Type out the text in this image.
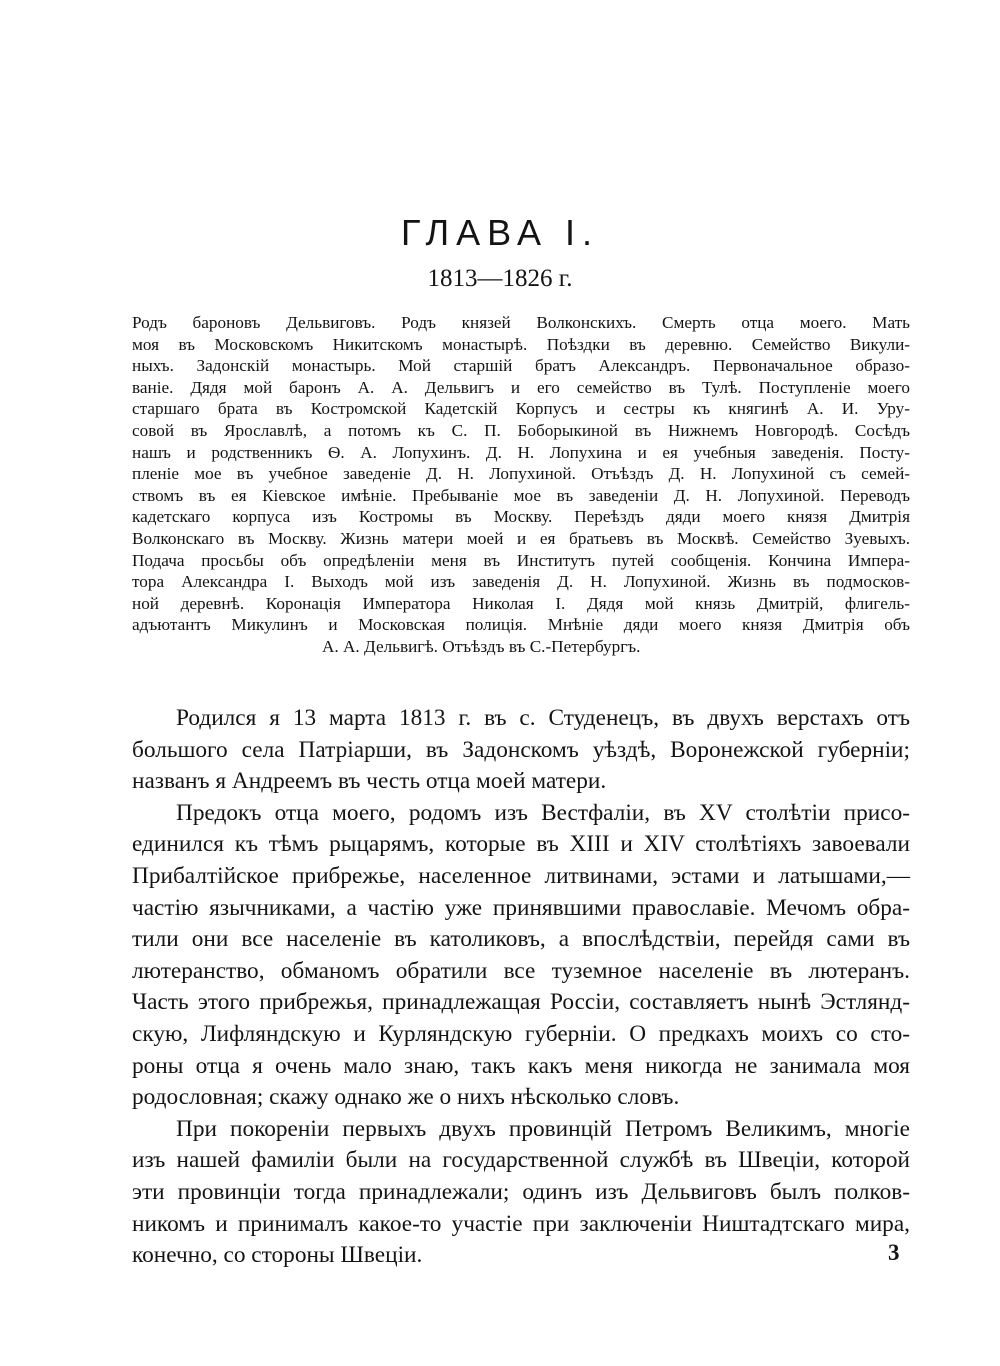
ГЛАВА I.
1813—1826 г.
Родъ бароновъ Дельвиговъ. Родъ князей Волконскихъ. Смерть отца моего. Мать
моя въ Московскомъ Никитскомъ монастырѣ. Поѣздки въ деревню. Семейство Викули-
ныхъ. Задонскій монастырь. Мой старшій братъ Александръ. Первоначальное образо-
ваніе. Дядя мой баронъ А. А. Дельвигъ и его семейство въ Тулѣ. Поступленіе моего
старшаго брата въ Костромской Кадетскій Корпусъ и сестры къ княгинѣ А. И. Уру-
совой въ Ярославлѣ, а потомъ къ С. П. Боборыкиной въ Нижнемъ Новгородѣ. Сосѣдъ
нашъ и родственникъ Ѳ. А. Лопухинъ. Д. Н. Лопухина и ея учебныя заведенія. Посту-
пленіе мое въ учебное заведеніе Д. Н. Лопухиной. Отъѣздъ Д. Н. Лопухиной съ семей-
ствомъ въ ея Кіевское имѣніе. Пребываніе мое въ заведеніи Д. Н. Лопухиной. Переводъ
кадетскаго корпуса изъ Костромы въ Москву. Переѣздъ дяди моего князя Дмитрія
Волконскаго въ Москву. Жизнь матери моей и ея братьевъ въ Москвѣ. Семейство Зуевыхъ.
Подача просьбы объ опредѣленіи меня въ Институтъ путей сообщенія. Кончина Импера-
тора Александра I. Выходъ мой изъ заведенія Д. Н. Лопухиной. Жизнь въ подмосков-
ной деревнѣ. Коронація Императора Николая I. Дядя мой князь Дмитрій, флигель-
адъютантъ Микулинъ и Московская полиція. Мнѣніе дяди моего князя Дмитрія объ
А. А. Дельвигѣ. Отъѣздъ въ С.-Петербургъ.
Родился я 13 марта 1813 г. въ с. Студенецъ, въ двухъ верстахъ отъ
большого села Патріарши, въ Задонскомъ уѣздѣ, Воронежской губерніи;
названъ я Андреемъ въ честь отца моей матери.
Предокъ отца моего, родомъ изъ Вестфаліи, въ XV столѣтіи присо-
единился къ тѣмъ рыцарямъ, которые въ XIII и XIV столѣтіяхъ завоевали
Прибалтійское прибрежье, населенное литвинами, эстами и латышами,—
частію язычниками, а частію уже принявшими православіе. Мечомъ обра-
тили они все населеніе въ католиковъ, а впослѣдствіи, перейдя сами въ
лютеранство, обманомъ обратили все туземное населеніе въ лютеранъ.
Часть этого прибрежья, принадлежащая Россіи, составляетъ нынѣ Эстлянд-
скую, Лифляндскую и Курляндскую губерніи. О предкахъ моихъ со сто-
роны отца я очень мало знаю, такъ какъ меня никогда не занимала моя
родословная; скажу однако же о нихъ нѣсколько словъ.
При покореніи первыхъ двухъ провинцій Петромъ Великимъ, многіе
изъ нашей фамиліи были на государственной службѣ въ Швеціи, которой
эти провинціи тогда принадлежали; одинъ изъ Дельвиговъ былъ полков-
никомъ и принималъ какое-то участіе при заключеніи Ништадтскаго мира,
конечно, со стороны Швеціи.	3
